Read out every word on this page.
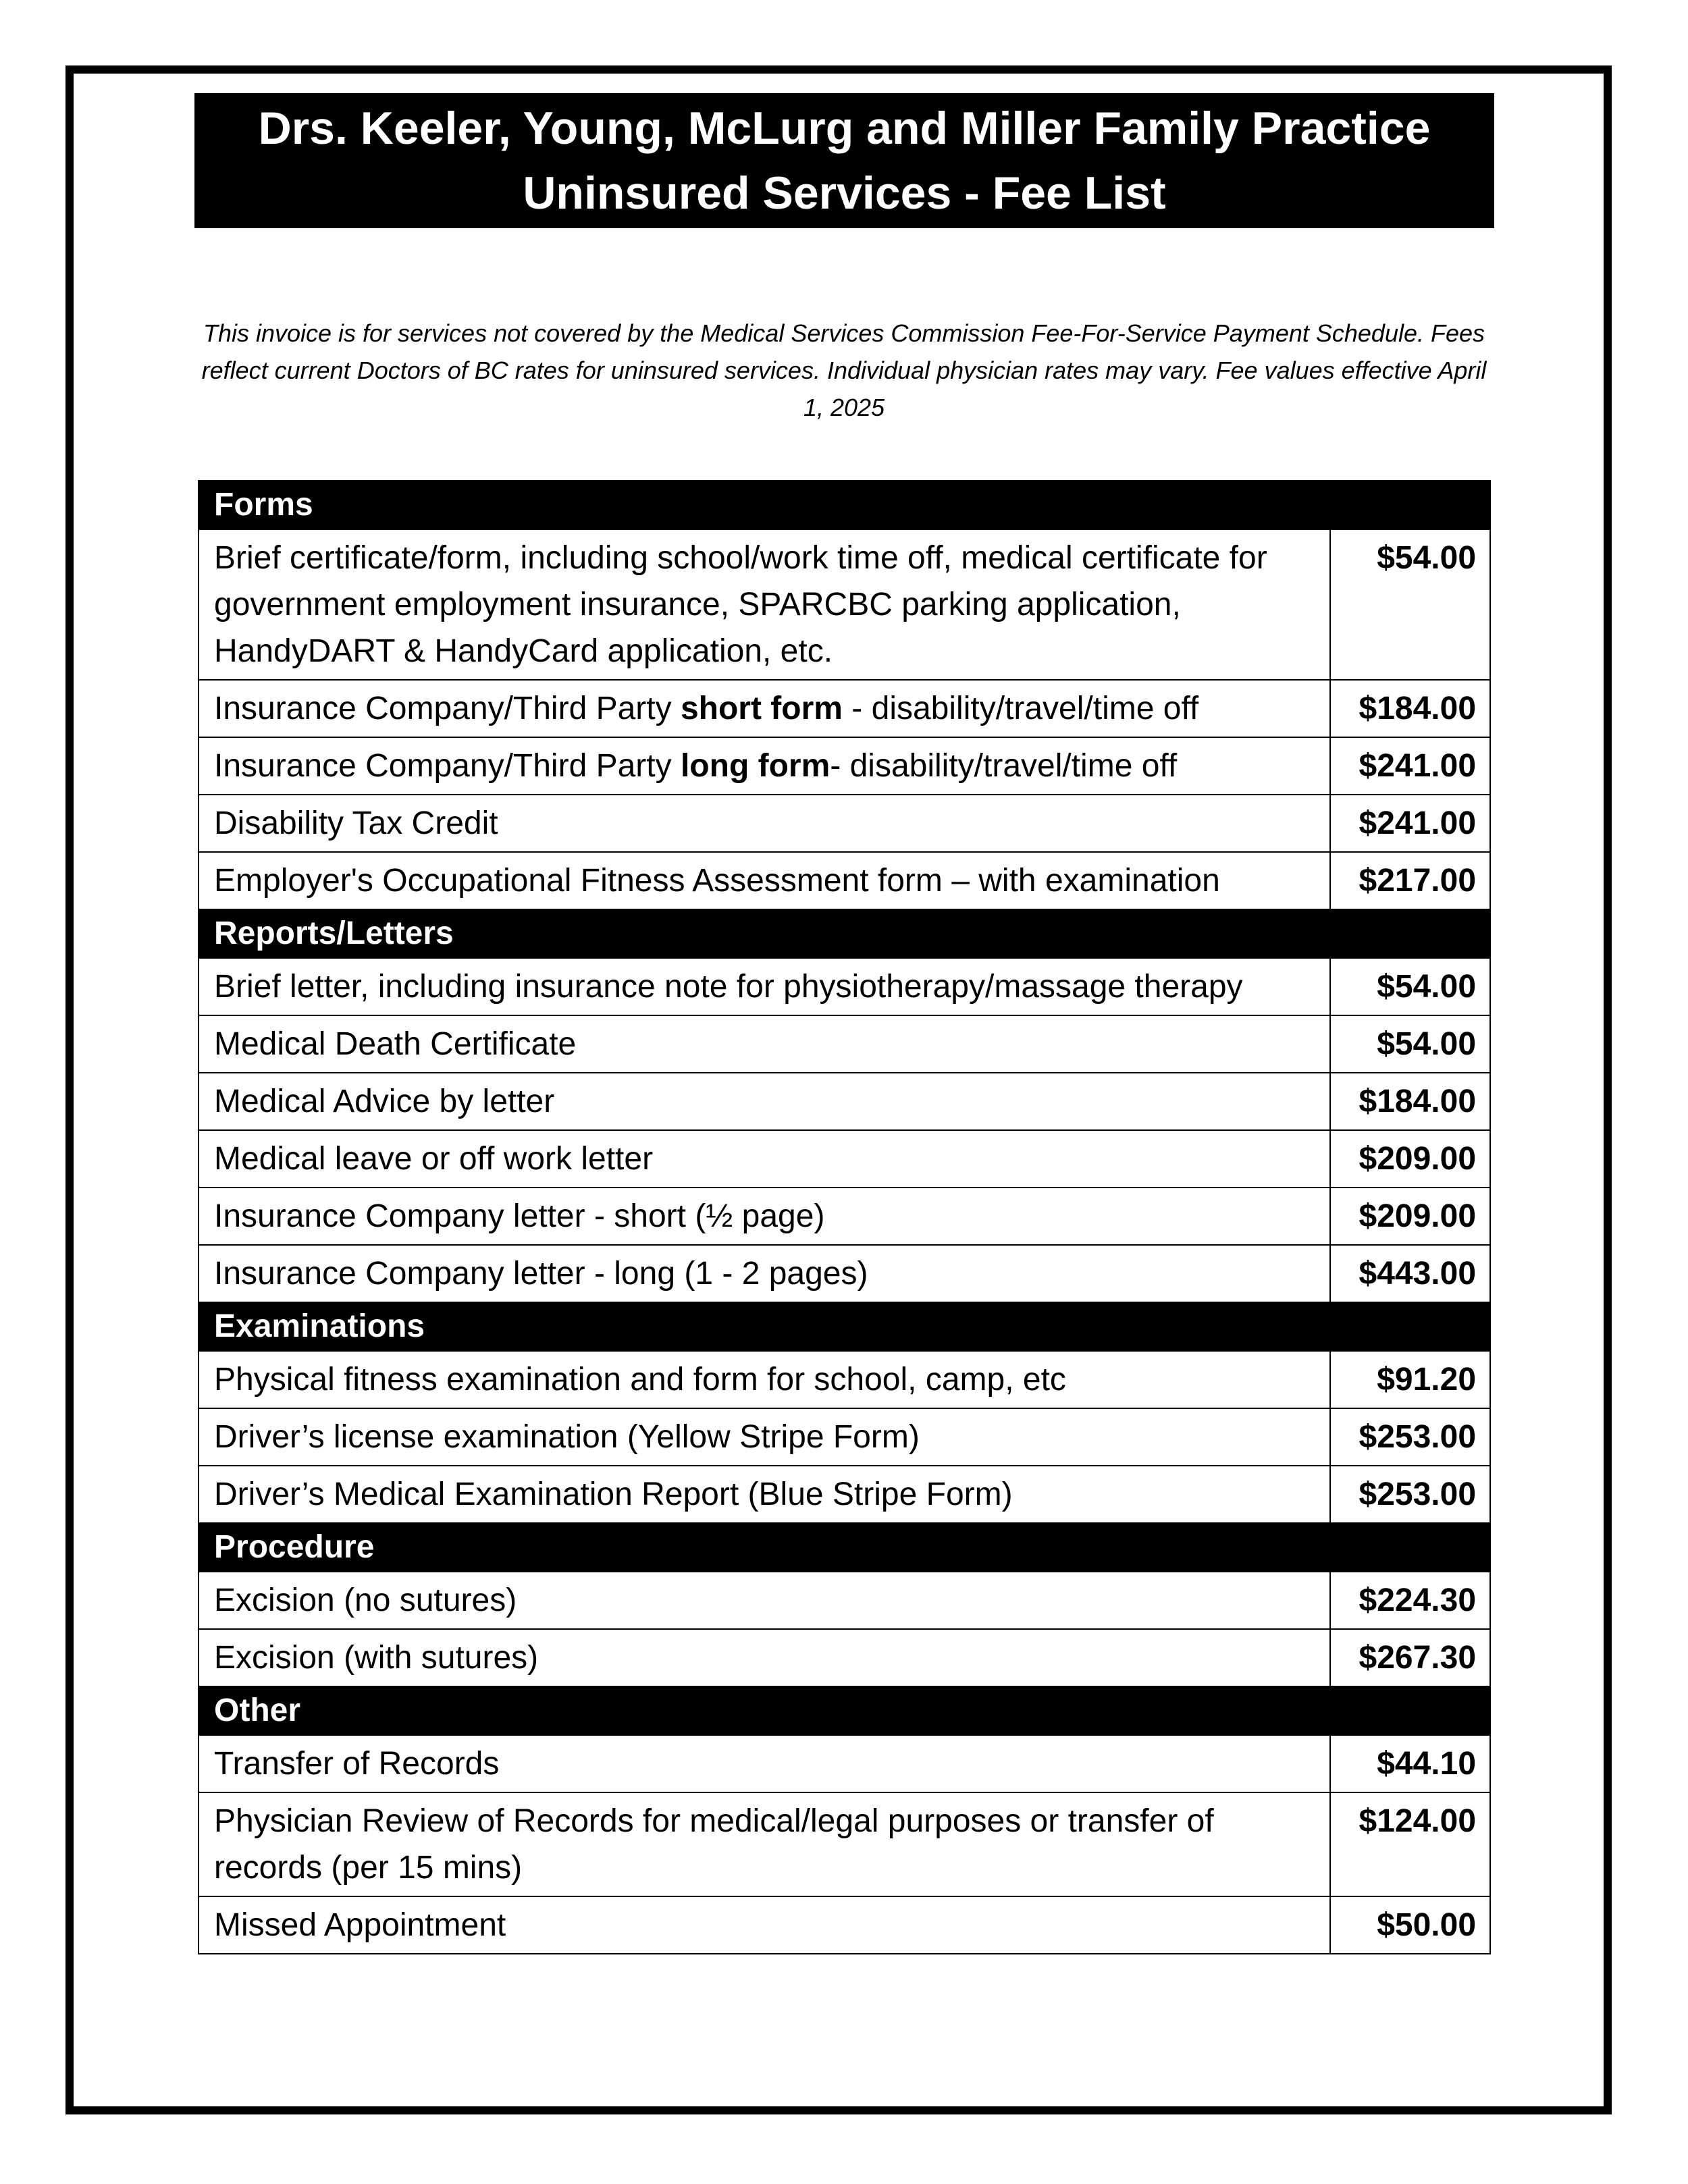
Drs. Keeler, Young, McLurg and Miller Family Practice
Uninsured Services - Fee List
This invoice is for services not covered by the Medical Services Commission Fee-For-Service Payment Schedule. Fees reflect current Doctors of BC rates for uninsured services. Individual physician rates may vary. Fee values effective April 1, 2025
Forms	
Brief certificate/form, including school/work time off, medical certificate for government employment insurance, SPARCBC parking application, HandyDART & HandyCard application, etc.	$54.00
Insurance Company/Third Party short form - disability/travel/time off	$184.00
Insurance Company/Third Party long form- disability/travel/time off	$241.00
Disability Tax Credit	$241.00
Employer's Occupational Fitness Assessment form – with examination	$217.00
Reports/Letters	
Brief letter, including insurance note for physiotherapy/massage therapy	$54.00
Medical Death Certificate	$54.00
Medical Advice by letter	$184.00
Medical leave or off work letter	$209.00
Insurance Company letter - short (½ page)	$209.00
Insurance Company letter - long (1 - 2 pages)	$443.00
Examinations	
Physical fitness examination and form for school, camp, etc	$91.20
Driver’s license examination (Yellow Stripe Form)	$253.00
Driver’s Medical Examination Report (Blue Stripe Form)	$253.00
Procedure	
Excision (no sutures)	$224.30
Excision (with sutures)	$267.30
Other	
Transfer of Records	$44.10
Physician Review of Records for medical/legal purposes or transfer of records (per 15 mins)	$124.00
Missed Appointment	$50.00
